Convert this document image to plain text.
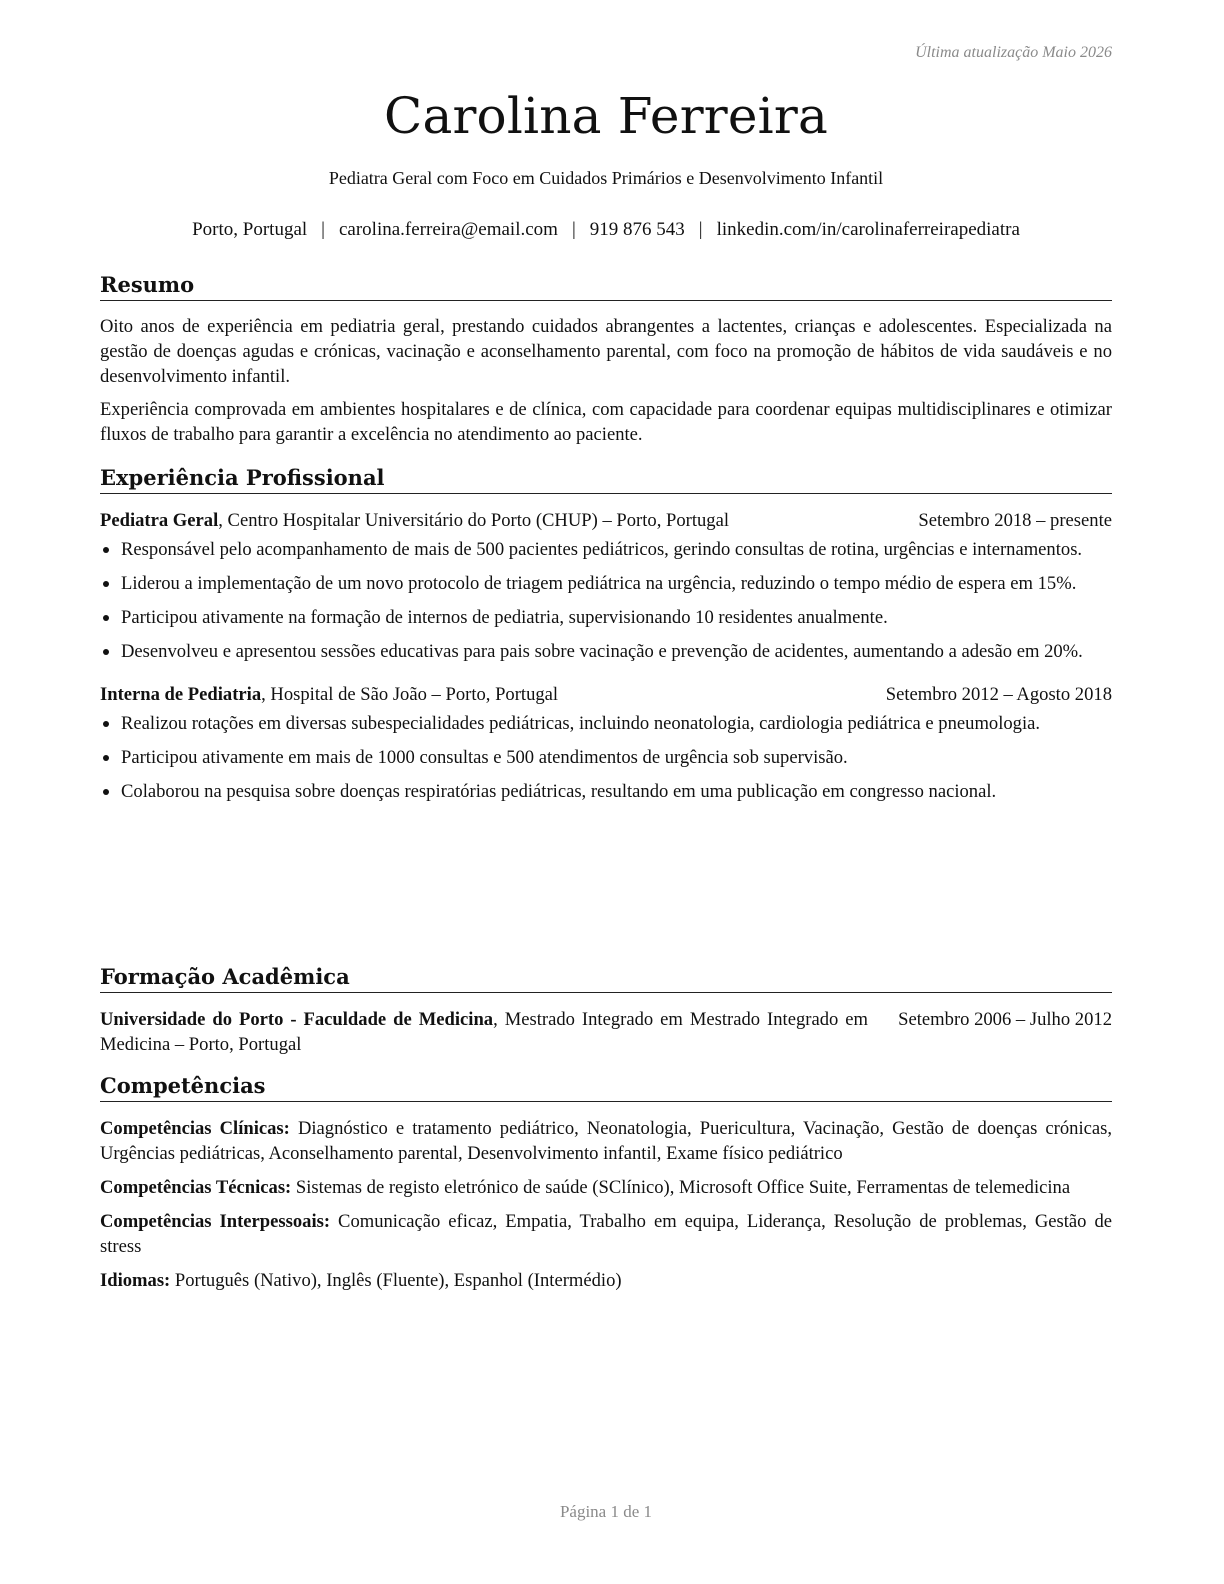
Última atualização Maio 2026
Carolina Ferreira
Pediatra Geral com Foco em Cuidados Primários e Desenvolvimento Infantil
Porto, Portugal | carolina.ferreira@email.com | 919 876 543 | linkedin.com/in/carolinaferreirapediatra
Resumo

Oito anos de experiência em pediatria geral, prestando cuidados abrangentes a lactentes, crianças e adolescentes. Especializada na gestão de doenças agudas e crónicas, vacinação e aconselhamento parental, com foco na promoção de hábitos de vida saudáveis e no desenvolvimento infantil.

Experiência comprovada em ambientes hospitalares e de clínica, com capacidade para coordenar equipas multidisciplinares e otimizar fluxos de trabalho para garantir a excelência no atendimento ao paciente.

Experiência Profissional
Pediatra Geral, Centro Hospitalar Universitário do Porto (CHUP) – Porto, Portugal	Setembro 2018 – presente
Responsável pelo acompanhamento de mais de 500 pacientes pediátricos, gerindo consultas de rotina, urgências e internamentos.
Liderou a implementação de um novo protocolo de triagem pediátrica na urgência, reduzindo o tempo médio de espera em 15%.
Participou ativamente na formação de internos de pediatria, supervisionando 10 residentes anualmente.
Desenvolveu e apresentou sessões educativas para pais sobre vacinação e prevenção de acidentes, aumentando a adesão em 20%.
Interna de Pediatria, Hospital de São João – Porto, Portugal	Setembro 2012 – Agosto 2018
Realizou rotações em diversas subespecialidades pediátricas, incluindo neonatologia, cardiologia pediátrica e pneumologia.
Participou ativamente em mais de 1000 consultas e 500 atendimentos de urgência sob supervisão.
Colaborou na pesquisa sobre doenças respiratórias pediátricas, resultando em uma publicação em congresso nacional.
Formação Acadêmica
Universidade do Porto - Faculdade de Medicina, Mestrado Integrado em Mestrado Integrado em Medicina – Porto, Portugal
Setembro 2006 – Julho 2012
Competências

Competências Clínicas: Diagnóstico e tratamento pediátrico, Neonatologia, Puericultura, Vacinação, Gestão de doenças crónicas, Urgências pediátricas, Aconselhamento parental, Desenvolvimento infantil, Exame físico pediátrico

Competências Técnicas: Sistemas de registo eletrónico de saúde (SClínico), Microsoft Office Suite, Ferramentas de telemedicina

Competências Interpessoais: Comunicação eficaz, Empatia, Trabalho em equipa, Liderança, Resolução de problemas, Gestão de stress

Idiomas: Português (Nativo), Inglês (Fluente), Espanhol (Intermédio)

Página 1 de 1
